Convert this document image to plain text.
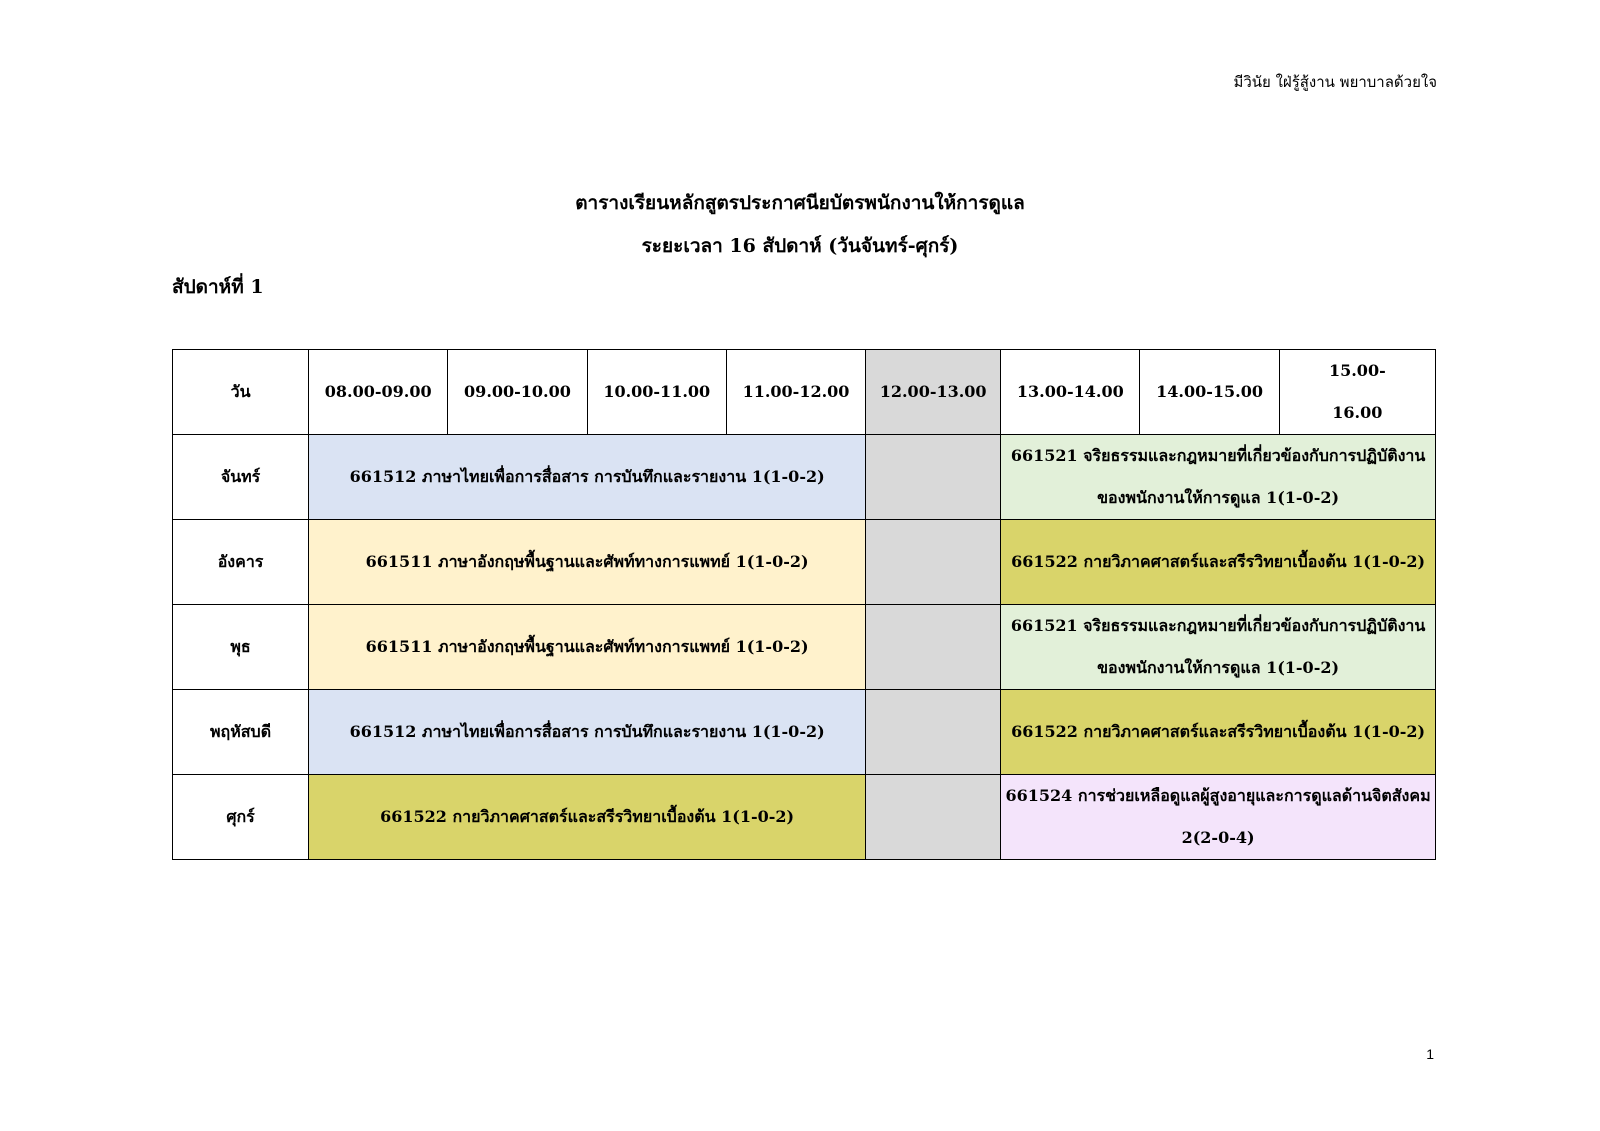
มีวินัย ใฝ่รู้สู้งาน พยาบาลด้วยใจ
ตารางเรียนหลักสูตรประกาศนียบัตรพนักงานให้การดูแล
ระยะเวลา 16 สัปดาห์ (วันจันทร์-ศุกร์)
สัปดาห์ที่ 1
วัน	08.00-09.00	09.00-10.00	10.00-11.00	11.00-12.00	12.00-13.00	13.00-14.00	14.00-15.00	15.00-
16.00
จันทร์	661512 ภาษาไทยเพื่อการสื่อสาร การบันทึกและรายงาน 1(1-0-2)					661521 จริยธรรมและกฎหมายที่เกี่ยวข้องกับการปฏิบัติงานของพนักงานให้การดูแล 1(1-0-2)		
อังคาร	661511 ภาษาอังกฤษพื้นฐานและศัพท์ทางการแพทย์ 1(1-0-2)					661522 กายวิภาคศาสตร์และสรีรวิทยาเบื้องต้น 1(1-0-2)		
พุธ	661511 ภาษาอังกฤษพื้นฐานและศัพท์ทางการแพทย์ 1(1-0-2)					661521 จริยธรรมและกฎหมายที่เกี่ยวข้องกับการปฏิบัติงานของพนักงานให้การดูแล 1(1-0-2)		
พฤหัสบดี	661512 ภาษาไทยเพื่อการสื่อสาร การบันทึกและรายงาน 1(1-0-2)					661522 กายวิภาคศาสตร์และสรีรวิทยาเบื้องต้น 1(1-0-2)		
ศุกร์	661522 กายวิภาคศาสตร์และสรีรวิทยาเบื้องต้น 1(1-0-2)					661524 การช่วยเหลือดูแลผู้สูงอายุและการดูแลด้านจิตสังคม 2(2-0-4)		
1
